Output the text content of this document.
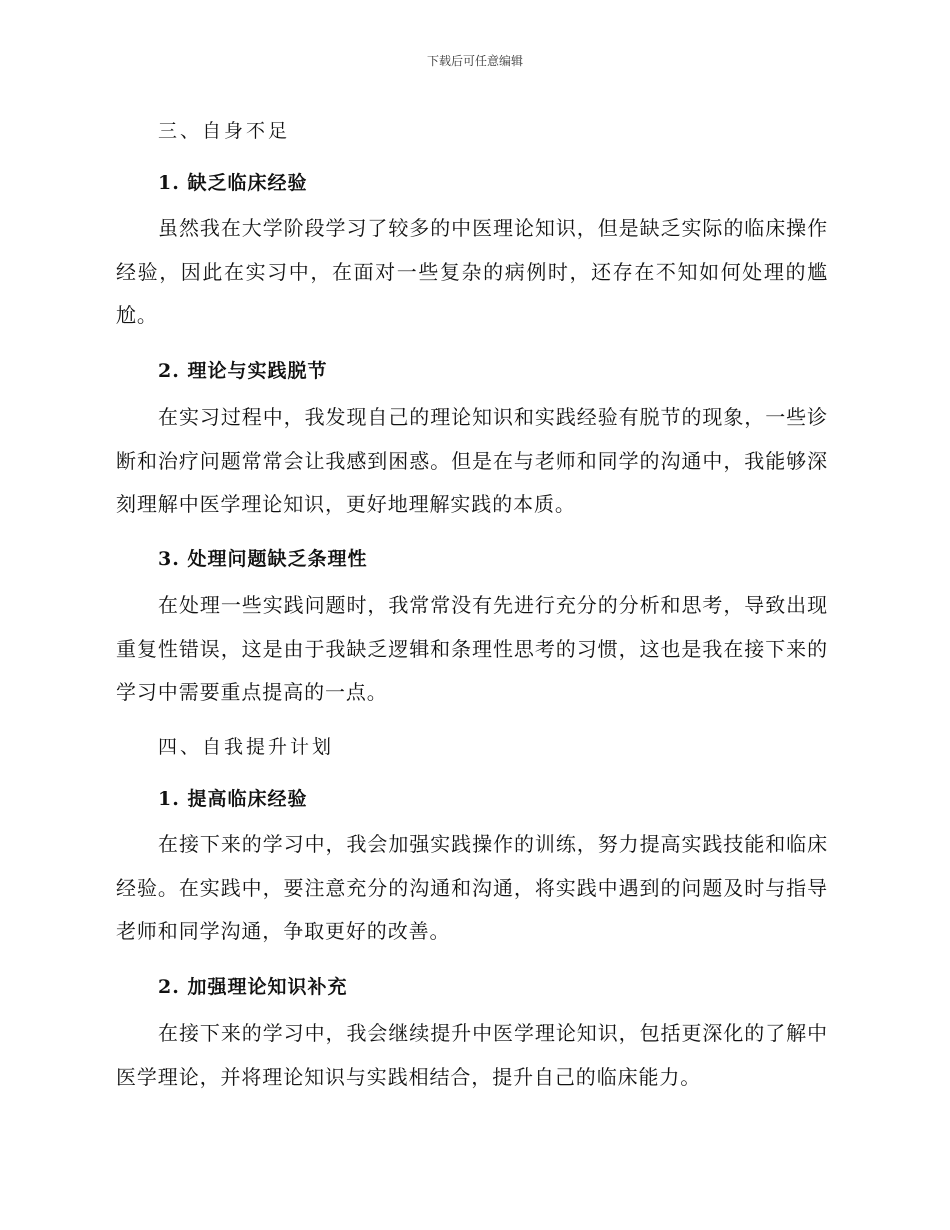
下载后可任意编辑
三、自身不足
1. 缺乏临床经验
虽然我在大学阶段学习了较多的中医理论知识，但是缺乏实际的临床操作经验，因此在实习中，在面对一些复杂的病例时，还存在不知如何处理的尴尬。
2. 理论与实践脱节
在实习过程中，我发现自己的理论知识和实践经验有脱节的现象，一些诊断和治疗问题常常会让我感到困惑。但是在与老师和同学的沟通中，我能够深刻理解中医学理论知识，更好地理解实践的本质。
3. 处理问题缺乏条理性
在处理一些实践问题时，我常常没有先进行充分的分析和思考，导致出现重复性错误，这是由于我缺乏逻辑和条理性思考的习惯，这也是我在接下来的学习中需要重点提高的一点。
四、自我提升计划
1. 提高临床经验
在接下来的学习中，我会加强实践操作的训练，努力提高实践技能和临床经验。在实践中，要注意充分的沟通和沟通，将实践中遇到的问题及时与指导老师和同学沟通，争取更好的改善。
2. 加强理论知识补充
在接下来的学习中，我会继续提升中医学理论知识，包括更深化的了解中医学理论，并将理论知识与实践相结合，提升自己的临床能力。
